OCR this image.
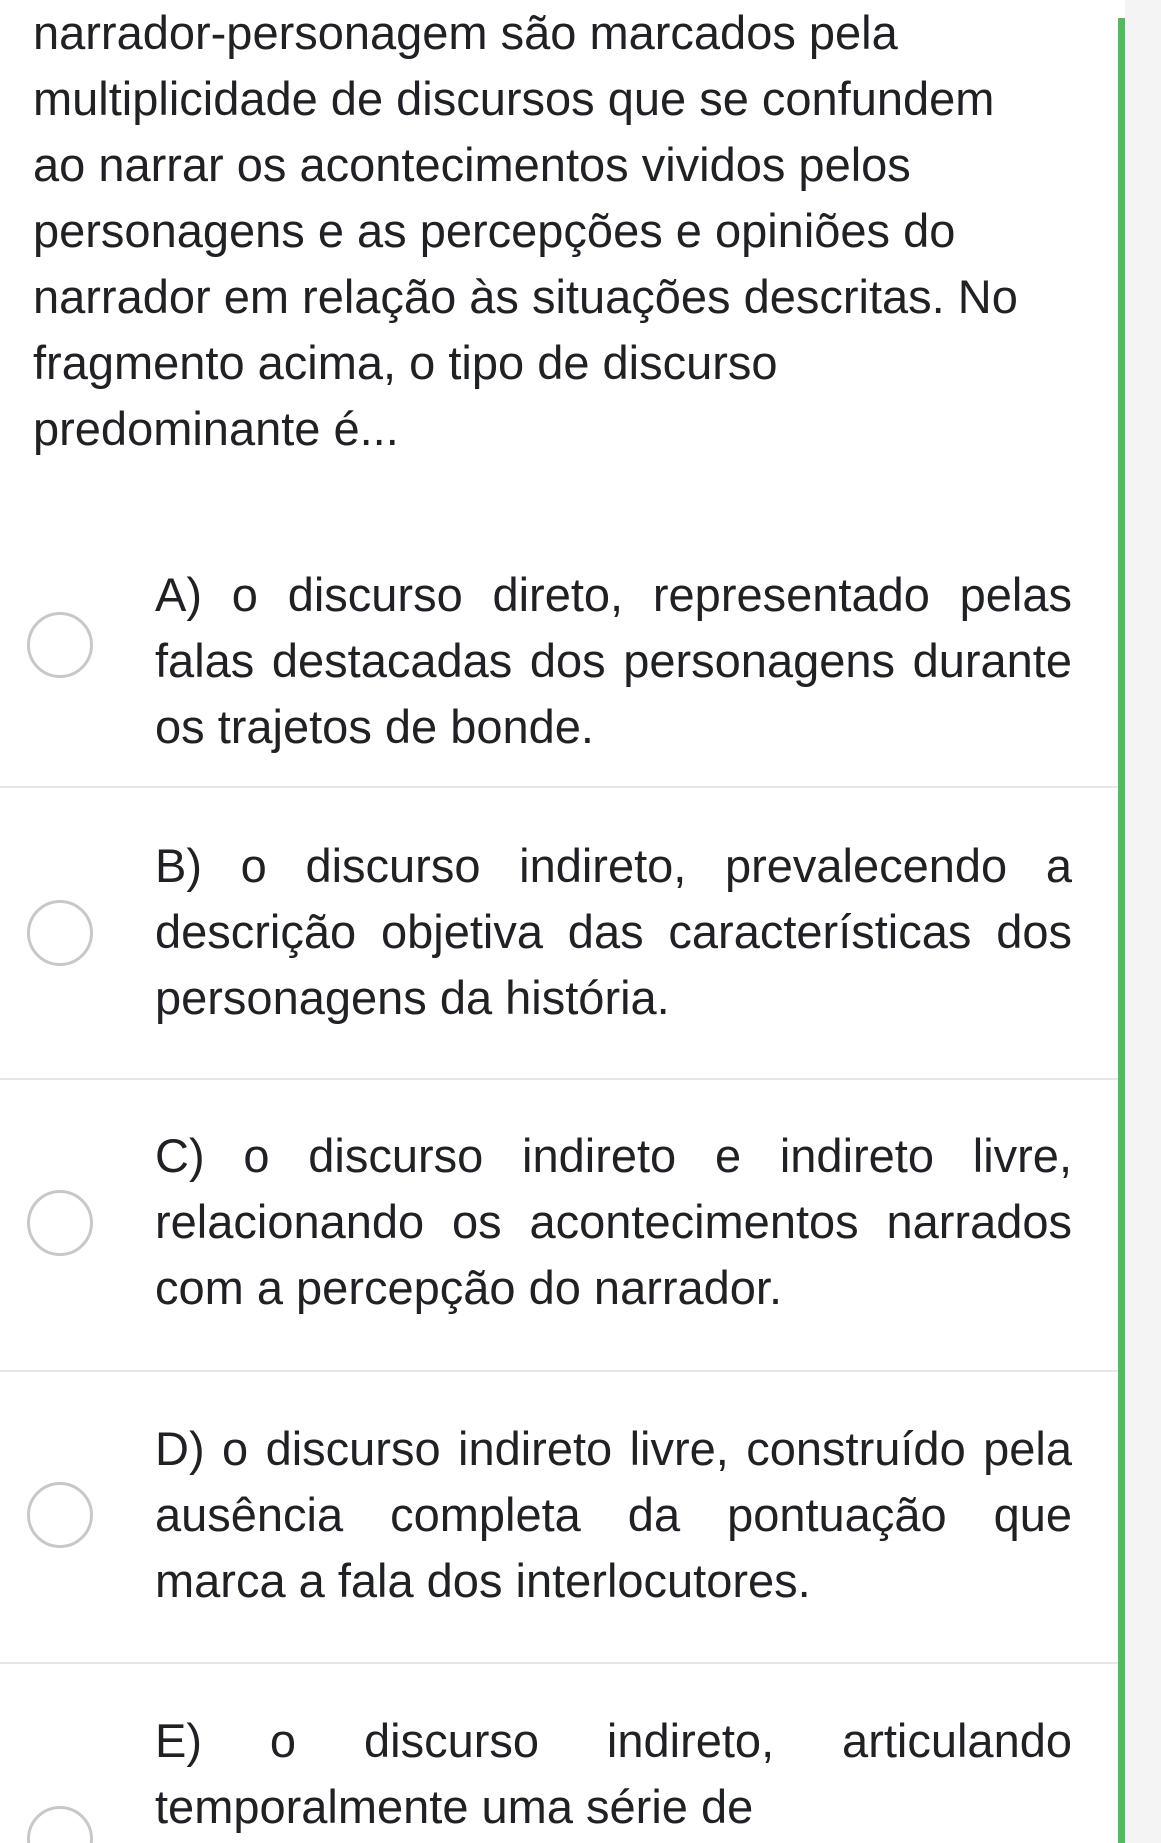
narrador-personagem são marcados pela multiplicidade de discursos que se confundem ao narrar os acontecimentos vividos pelos personagens e as percepções e opiniões do narrador em relação às situações descritas. No fragmento acima, o tipo de discurso predominante é...
A) o discurso direto, representado pelas falas destacadas dos personagens durante os trajetos de bonde.
B) o discurso indireto, prevalecendo a descrição objetiva das características dos personagens da história.
C) o discurso indireto e indireto livre, relacionando os acontecimentos narrados com a percepção do narrador.
D) o discurso indireto livre, construído pela ausência completa da pontuação que marca a fala dos interlocutores.
E) o discurso indireto, articulando temporalmente uma série de
